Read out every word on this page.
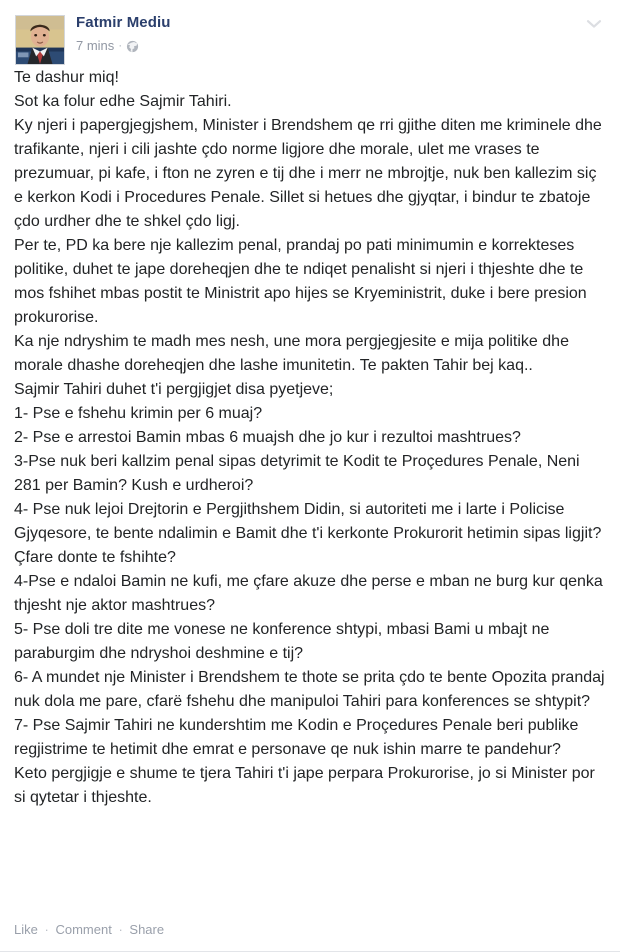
Fatmir Mediu
7 mins ·

Te dashur miq!

Sot ka folur edhe Sajmir Tahiri.

Ky njeri i papergjegjshem, Minister i Brendshem qe rri gjithe diten me kriminele dhe trafikante, njeri i cili jashte çdo norme ligjore dhe morale, ulet me vrases te prezumuar, pi kafe, i fton ne zyren e tij dhe i merr ne mbrojtje, nuk ben kallezim siç e kerkon Kodi i Procedures Penale. Sillet si hetues dhe gjyqtar, i bindur te zbatoje çdo urdher dhe te shkel çdo ligj.

Per te, PD ka bere nje kallezim penal, prandaj po pati minimumin e korrekteses politike, duhet te jape doreheqjen dhe te ndiqet penalisht si njeri i thjeshte dhe te mos fshihet mbas postit te Ministrit apo hijes se Kryeministrit, duke i bere presion prokurorise.

Ka nje ndryshim te madh mes nesh, une mora pergjegjesite e mija politike dhe morale dhashe doreheqjen dhe lashe imunitetin. Te pakten Tahir bej kaq..

Sajmir Tahiri duhet t'i pergjigjet disa pyetjeve;

1- Pse e fshehu krimin per 6 muaj?

2- Pse e arrestoi Bamin mbas 6 muajsh dhe jo kur i rezultoi mashtrues?

3-Pse nuk beri kallzim penal sipas detyrimit te Kodit te Proçedures Penale, Neni 281 per Bamin? Kush e urdheroi?

4- Pse nuk lejoi Drejtorin e Pergjithshem Didin, si autoriteti me i larte i Policise Gjyqesore, te bente ndalimin e Bamit dhe t'i kerkonte Prokurorit hetimin sipas ligjit? Çfare donte te fshihte?

4-Pse e ndaloi Bamin ne kufi, me çfare akuze dhe perse e mban ne burg kur qenka thjesht nje aktor mashtrues?

5- Pse doli tre dite me vonese ne konference shtypi, mbasi Bami u mbajt ne paraburgim dhe ndryshoi deshmine e tij?

6- A mundet nje Minister i Brendshem te thote se prita çdo te bente Opozita prandaj nuk dola me pare, cfarë fshehu dhe manipuloi Tahiri para konferences se shtypit?

7- Pse Sajmir Tahiri ne kundershtim me Kodin e Proçedures Penale beri publike regjistrime te hetimit dhe emrat e personave qe nuk ishin marre te pandehur?

Keto pergjigje e shume te tjera Tahiri t'i jape perpara Prokurorise, jo si Minister por si qytetar i thjeshte.

Like · Comment · Share
